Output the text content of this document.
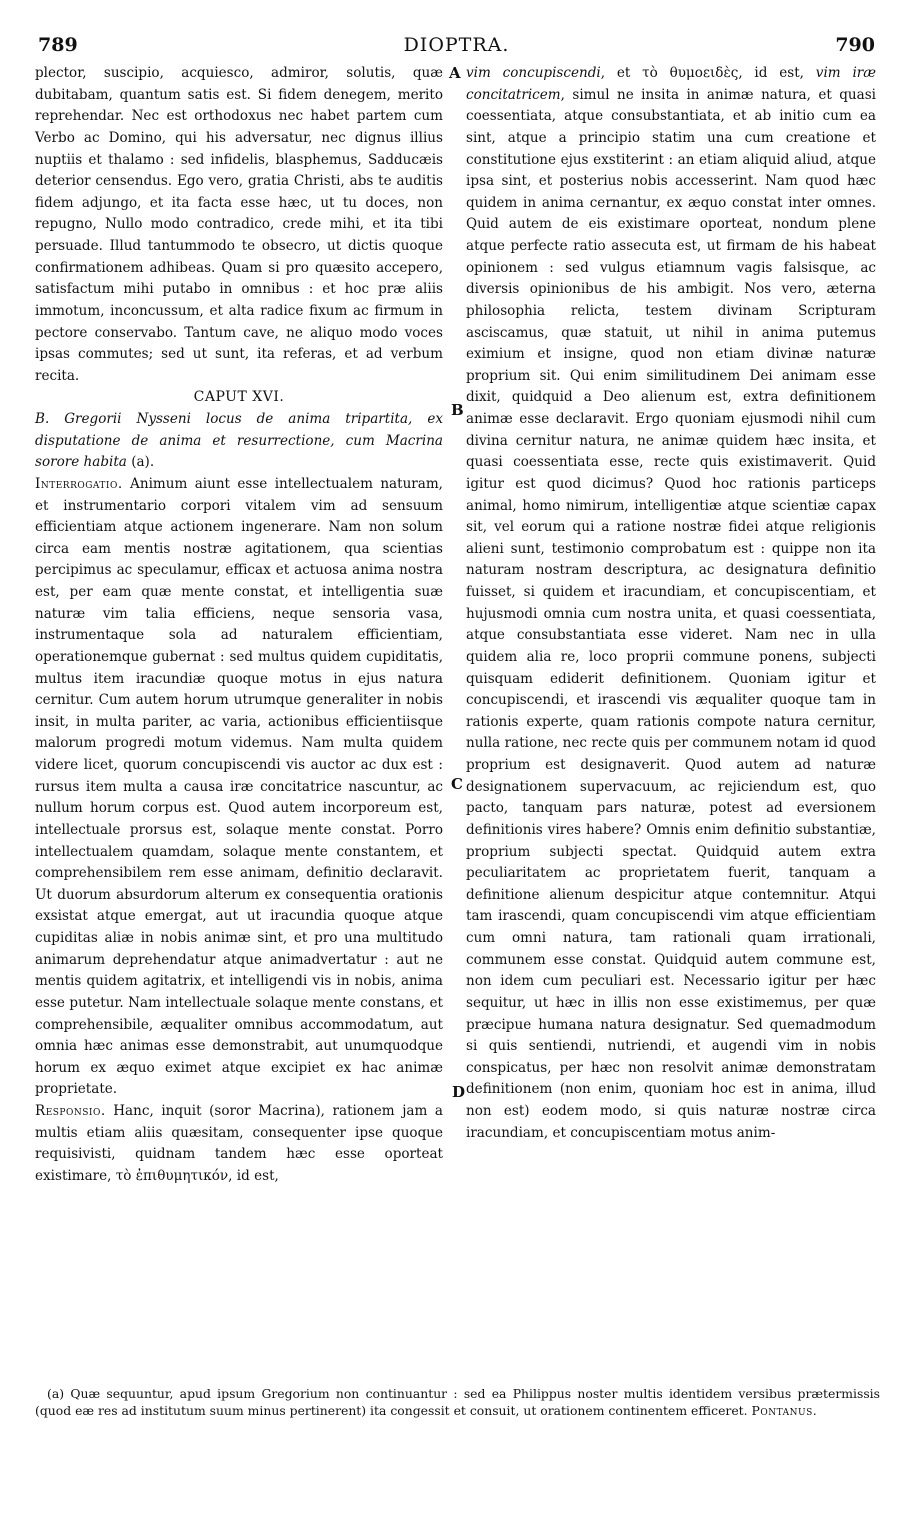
789	DIOPTRA.	790
A
B
C
D

plector, suscipio, acquiesco, admiror, solutis, quæ dubitabam, quantum satis est. Si fidem denegem, merito reprehendar. Nec est orthodoxus nec habet partem cum Verbo ac Domino, qui his adversatur, nec dignus illius nuptiis et thalamo : sed infidelis, blasphemus, Sadducæis deterior censendus. Ego vero, gratia Christi, abs te auditis fidem adjungo, et ita facta esse hæc, ut tu doces, non repugno, Nullo modo contradico, crede mihi, et ita tibi persuade. Illud tantummodo te obsecro, ut dictis quoque confirmationem adhibeas. Quam si pro quæsito accepero, satisfactum mihi putabo in omnibus : et hoc præ aliis immotum, inconcussum, et alta radice fixum ac firmum in pectore conservabo. Tantum cave, ne aliquo modo voces ipsas commutes; sed ut sunt, ita referas, et ad verbum recita.

CAPUT XVI.

B. Gregorii Nysseni locus de anima tripartita, ex disputatione de anima et resurrectione, cum Macrina sorore habita (a).

Interrogatio. Animum aiunt esse intellectualem naturam, et instrumentario corpori vitalem vim ad sensuum efficientiam atque actionem ingenerare. Nam non solum circa eam mentis nostræ agitationem, qua scientias percipimus ac speculamur, efficax et actuosa anima nostra est, per eam quæ mente constat, et intelligentia suæ naturæ vim talia efficiens, neque sensoria vasa, instrumentaque sola ad naturalem efficientiam, operationemque gubernat : sed multus quidem cupiditatis, multus item iracundiæ quoque motus in ejus natura cernitur. Cum autem horum utrumque generaliter in nobis insit, in multa pariter, ac varia, actionibus efficientiisque malorum progredi motum videmus. Nam multa quidem videre licet, quorum concupiscendi vis auctor ac dux est : rursus item multa a causa iræ concitatrice nascuntur, ac nullum horum corpus est. Quod autem incorporeum est, intellectuale prorsus est, solaque mente constat. Porro intellectualem quamdam, solaque mente constantem, et comprehensibilem rem esse animam, definitio declaravit. Ut duorum absurdorum alterum ex consequentia orationis exsistat atque emergat, aut ut iracundia quoque atque cupiditas aliæ in nobis animæ sint, et pro una multitudo animarum deprehendatur atque animadvertatur : aut ne mentis quidem agitatrix, et intelligendi vis in nobis, anima esse putetur. Nam intellectuale solaque mente constans, et comprehensibile, æqualiter omnibus accommodatum, aut omnia hæc animas esse demonstrabit, aut unumquodque horum ex æquo eximet atque excipiet ex hac animæ proprietate.

Responsio. Hanc, inquit (soror Macrina), rationem jam a multis etiam aliis quæsitam, consequenter ipse quoque requisivisti, quidnam tandem hæc esse oporteat existimare, τὸ ἐπιθυμητικόν, id est,

vim concupiscendi, et τὸ θυμοειδὲς, id est, vim iræ concitatricem, simul ne insita in animæ natura, et quasi coessentiata, atque consubstantiata, et ab initio cum ea sint, atque a principio statim una cum creatione et constitutione ejus exstiterint : an etiam aliquid aliud, atque ipsa sint, et posterius nobis accesserint. Nam quod hæc quidem in anima cernantur, ex æquo constat inter omnes. Quid autem de eis existimare oporteat, nondum plene atque perfecte ratio assecuta est, ut firmam de his habeat opinionem : sed vulgus etiamnum vagis falsisque, ac diversis opinionibus de his ambigit. Nos vero, æterna philosophia relicta, testem divinam Scripturam asciscamus, quæ statuit, ut nihil in anima putemus eximium et insigne, quod non etiam divinæ naturæ proprium sit. Qui enim similitudinem Dei animam esse dixit, quidquid a Deo alienum est, extra definitionem animæ esse declaravit. Ergo quoniam ejusmodi nihil cum divina cernitur natura, ne animæ quidem hæc insita, et quasi coessentiata esse, recte quis existimaverit. Quid igitur est quod dicimus? Quod hoc rationis particeps animal, homo nimirum, intelligentiæ atque scientiæ capax sit, vel eorum qui a ratione nostræ fidei atque religionis alieni sunt, testimonio comprobatum est : quippe non ita naturam nostram descriptura, ac designatura definitio fuisset, si quidem et iracundiam, et concupiscentiam, et hujusmodi omnia cum nostra unita, et quasi coessentiata, atque consubstantiata esse videret. Nam nec in ulla quidem alia re, loco proprii commune ponens, subjecti quisquam ediderit definitionem. Quoniam igitur et concupiscendi, et irascendi vis æqualiter quoque tam in rationis experte, quam rationis compote natura cernitur, nulla ratione, nec recte quis per communem notam id quod proprium est designaverit. Quod autem ad naturæ designationem supervacuum, ac rejiciendum est, quo pacto, tanquam pars naturæ, potest ad eversionem definitionis vires habere? Omnis enim definitio substantiæ, proprium subjecti spectat. Quidquid autem extra peculiaritatem ac proprietatem fuerit, tanquam a definitione alienum despicitur atque contemnitur. Atqui tam irascendi, quam concupiscendi vim atque efficientiam cum omni natura, tam rationali quam irrationali, communem esse constat. Quidquid autem commune est, non idem cum peculiari est. Necessario igitur per hæc sequitur, ut hæc in illis non esse existimemus, per quæ præcipue humana natura designatur. Sed quemadmodum si quis sentiendi, nutriendi, et augendi vim in nobis conspicatus, per hæc non resolvit animæ demonstratam definitionem (non enim, quoniam hoc est in anima, illud non est) eodem modo, si quis naturæ nostræ circa iracundiam, et concupiscentiam motus anim-

(a) Quæ sequuntur, apud ipsum Gregorium non continuantur : sed ea Philippus noster multis identidem versibus prætermissis (quod eæ res ad institutum suum minus pertinerent) ita congessit et consuit, ut orationem continentem efficeret. Pontanus.
